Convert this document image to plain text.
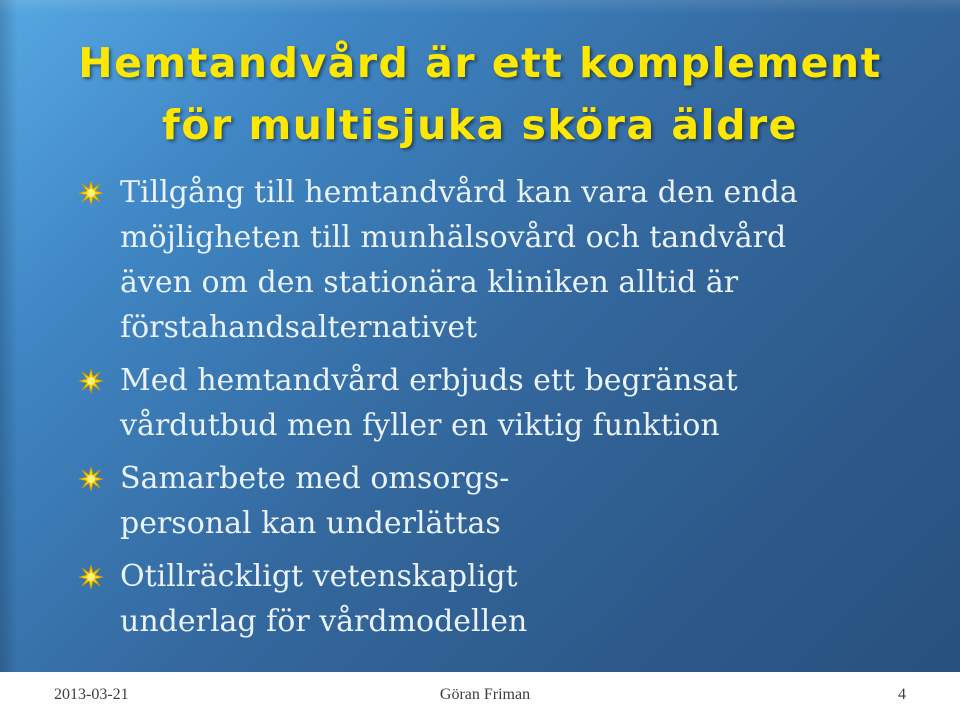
Hemtandvård är ett komplement
för multisjuka sköra äldre
Tillgång till hemtandvård kan vara den enda
möjligheten till munhälsovård och tandvård
även om den stationära kliniken alltid är
förstahandsalternativet
Med hemtandvård erbjuds ett begränsat
vårdutbud men fyller en viktig funktion
Samarbete med omsorgs-
personal kan underlättas
Otillräckligt vetenskapligt
underlag för vårdmodellen
2013-03-21	Göran Friman	4
